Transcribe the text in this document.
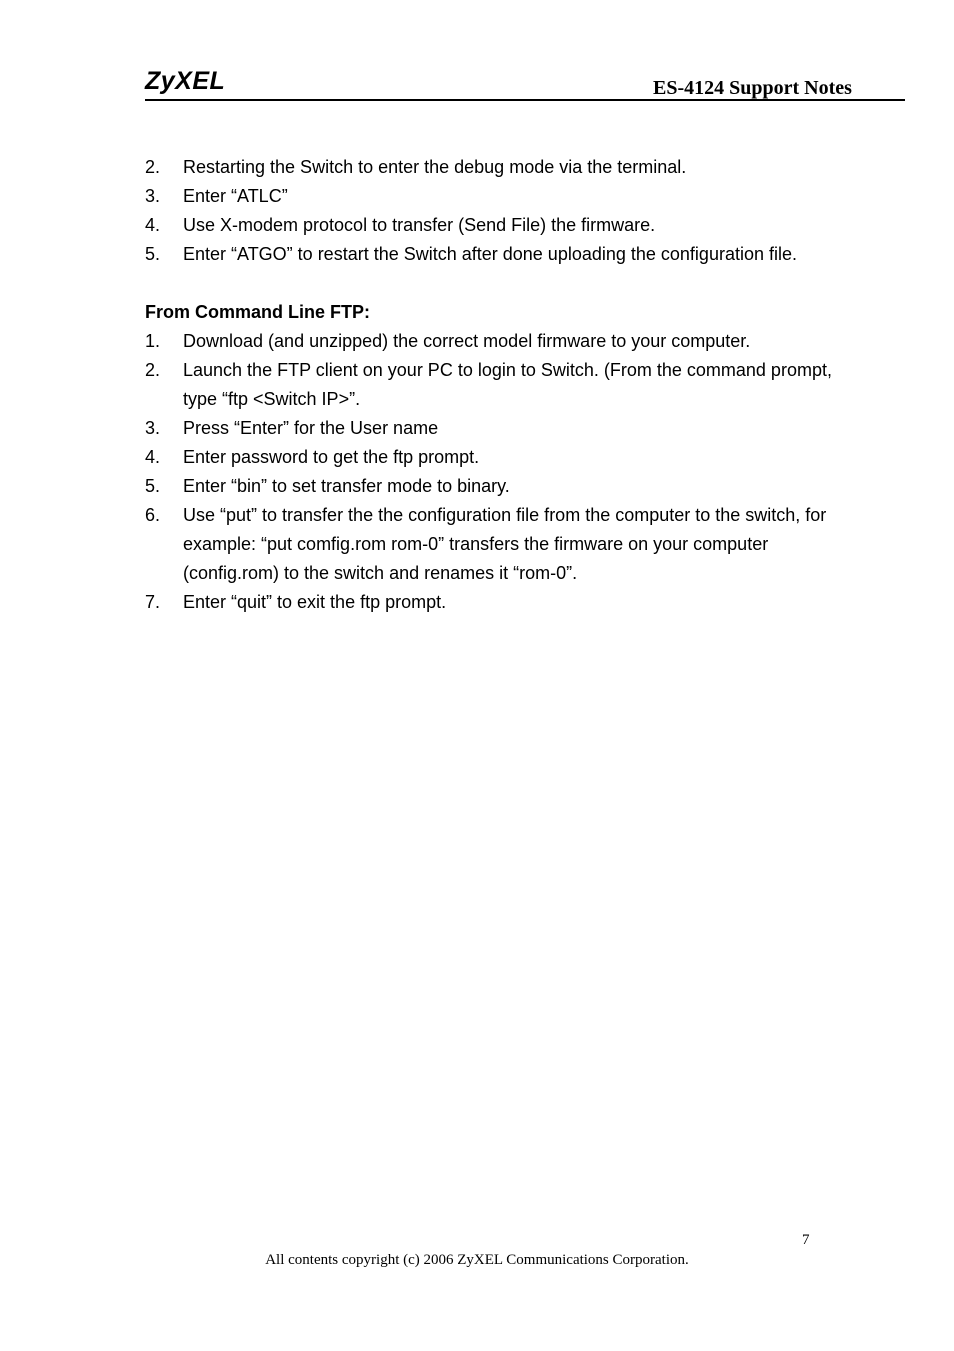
ZyXEL	ES-4124 Support Notes
2. Restarting the Switch to enter the debug mode via the terminal.
3. Enter “ATLC”
4. Use X-modem protocol to transfer (Send File) the firmware.
5. Enter “ATGO” to restart the Switch after done uploading the configuration file.
From Command Line FTP:
1. Download (and unzipped) the correct model firmware to your computer.
2. Launch the FTP client on your PC to login to Switch. (From the command prompt, type “ftp <Switch IP>”.
3. Press “Enter” for the User name
4. Enter password to get the ftp prompt.
5. Enter “bin” to set transfer mode to binary.
6. Use “put” to transfer the the configuration file from the computer to the switch, for example: “put comfig.rom rom-0” transfers the firmware on your computer (config.rom) to the switch and renames it “rom-0”.
7. Enter “quit” to exit the ftp prompt.
7
All contents copyright (c) 2006 ZyXEL Communications Corporation.
